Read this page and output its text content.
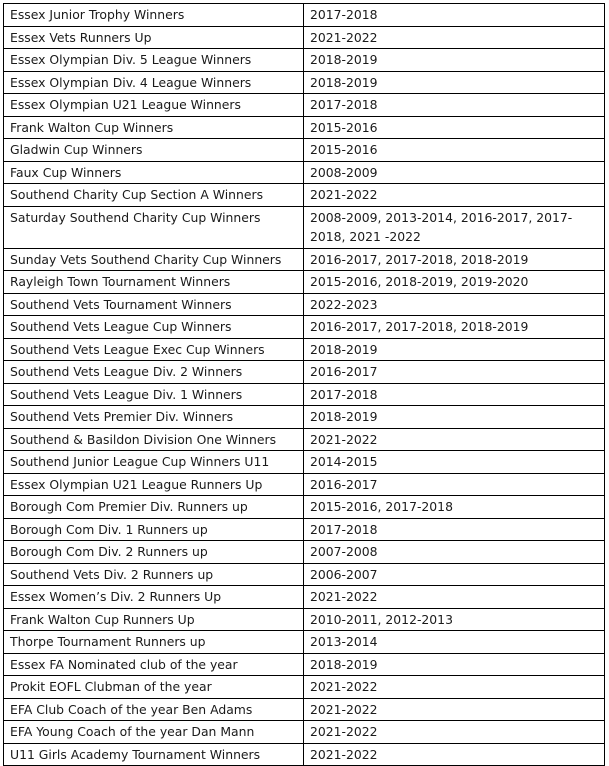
Essex Junior Trophy Winners	2017-2018
Essex Vets Runners Up	2021-2022
Essex Olympian Div. 5 League Winners	2018-2019
Essex Olympian Div. 4 League Winners	2018-2019
Essex Olympian U21 League Winners	2017-2018
Frank Walton Cup Winners	2015-2016
Gladwin Cup Winners	2015-2016
Faux Cup Winners	2008-2009
Southend Charity Cup Section A Winners	2021-2022
Saturday Southend Charity Cup Winners	2008-2009, 2013-2014, 2016-2017, 2017-2018, 2021 -2022
Sunday Vets Southend Charity Cup Winners	2016-2017, 2017-2018, 2018-2019
Rayleigh Town Tournament Winners	2015-2016, 2018-2019, 2019-2020
Southend Vets Tournament Winners	2022-2023
Southend Vets League Cup Winners	2016-2017, 2017-2018, 2018-2019
Southend Vets League Exec Cup Winners	2018-2019
Southend Vets League Div. 2 Winners	2016-2017
Southend Vets League Div. 1 Winners	2017-2018
Southend Vets Premier Div. Winners	2018-2019
Southend & Basildon Division One Winners	2021-2022
Southend Junior League Cup Winners U11	2014-2015
Essex Olympian U21 League Runners Up	2016-2017
Borough Com Premier Div. Runners up	2015-2016, 2017-2018
Borough Com Div. 1 Runners up	2017-2018
Borough Com Div. 2 Runners up	2007-2008
Southend Vets Div. 2 Runners up	2006-2007
Essex Women’s Div. 2 Runners Up	2021-2022
Frank Walton Cup Runners Up	2010-2011, 2012-2013
Thorpe Tournament Runners up	2013-2014
Essex FA Nominated club of the year	2018-2019
Prokit EOFL Clubman of the year	2021-2022
EFA Club Coach of the year Ben Adams	2021-2022
EFA Young Coach of the year Dan Mann	2021-2022
U11 Girls Academy Tournament Winners	2021-2022
